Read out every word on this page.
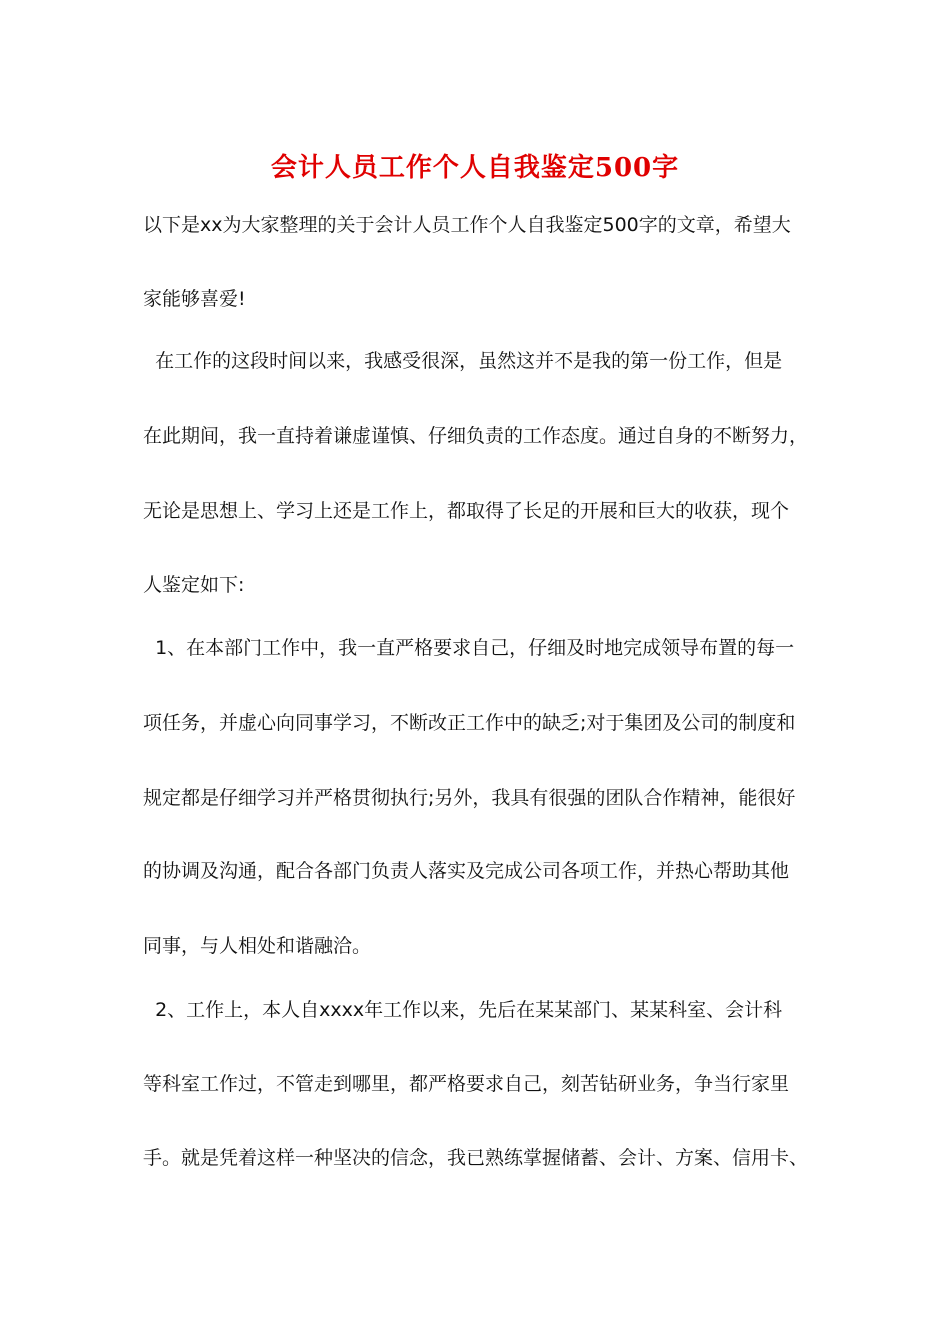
会计人员工作个人自我鉴定500字
以下是xx为大家整理的关于会计人员工作个人自我鉴定500字的文章，希望大
家能够喜爱!
在工作的这段时间以来，我感受很深，虽然这并不是我的第一份工作，但是
在此期间，我一直持着谦虚谨慎、仔细负责的工作态度。通过自身的不断努力，
无论是思想上、学习上还是工作上，都取得了长足的开展和巨大的收获，现个
人鉴定如下:
1、在本部门工作中，我一直严格要求自己，仔细及时地完成领导布置的每一
项任务，并虚心向同事学习，不断改正工作中的缺乏;对于集团及公司的制度和
规定都是仔细学习并严格贯彻执行;另外，我具有很强的团队合作精神，能很好
的协调及沟通，配合各部门负责人落实及完成公司各项工作，并热心帮助其他
同事，与人相处和谐融洽。
2、工作上，本人自xxxx年工作以来，先后在某某部门、某某科室、会计科
等科室工作过，不管走到哪里，都严格要求自己，刻苦钻研业务，争当行家里
手。就是凭着这样一种坚决的信念，我已熟练掌握储蓄、会计、方案、信用卡、
